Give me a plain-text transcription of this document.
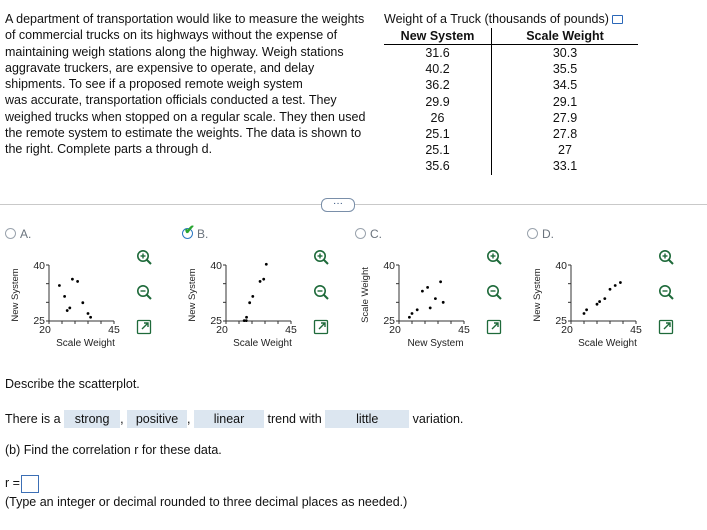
A department of transportation would like to measure the weights
of commercial trucks on its highways without the expense of
maintaining weigh stations along the highway. Weigh stations
aggravate truckers, are expensive to operate, and delay
shipments. To see if a proposed remote weigh system
was accurate, transportation officials conducted a test. They
weighed trucks when stopped on a regular scale. They then used
the remote system to estimate the weights. The data is shown to
the right. Complete parts a through d.
Weight of a Truck (thousands of pounds)
New System	Scale Weight
31.6	30.3
40.2	35.5
36.2	34.5
29.9	29.1
26	27.9
25.1	27.8
25.1	27
35.6	33.1
···
A.
20	45
40
25
Scale Weight
New System
✔ B.
20	45
40
25
Scale Weight
New System
C.
20	45
40
25
New System
Scale Weight
D.
20	45
40
25
Scale Weight
New System
Describe the scatterplot.
There is a strong , positive , linear trend with	little	variation.
(b) Find the correlation r for these data.
r =
(Type an integer or decimal rounded to three decimal places as needed.)
